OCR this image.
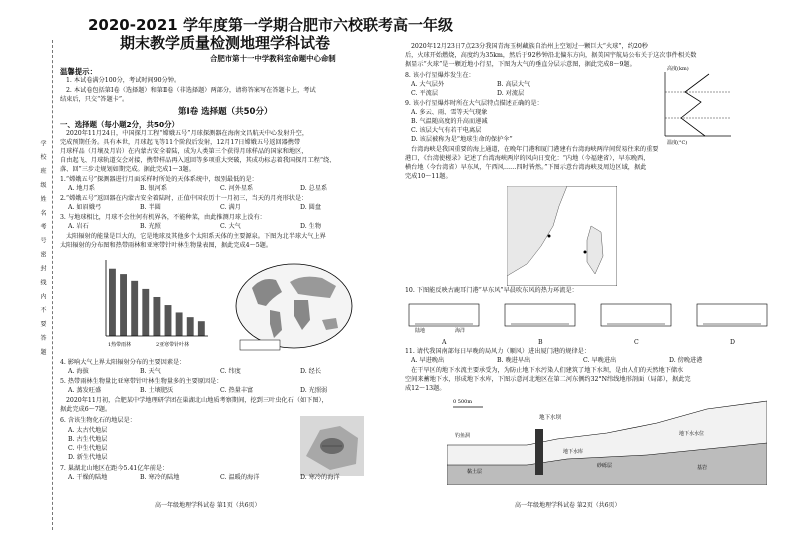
学 校 班 级 姓 名 考 号 密 封 线 内 不 要 答 题
2020-2021 学年度第一学期合肥市六校联考高一年级
期末教学质量检测地理学科试卷
合肥市第十一中学教科室命题中心命制
温馨提示：
1. 本试卷满分100分，考试时间90分钟。
2. 本试卷包括第Ⅰ卷（选择题）和第Ⅱ卷（非选择题）两部分，请将答案写在答题卡上，考试
结束后，只交“答题卡”。
第Ⅰ卷 选择题（共50分）
一、选择题（每小题2分，共50分）
2020年11月24日，中国探月工程“嫦娥五号”月球探测器在海南文昌航天中心发射升空，
完成预期任务。具有本世，月球起飞等11个阶段后发射，12月17日嫦娥五号返回器携带
月球样品（月壤及月岩）在内蒙古安全着陆，成为人类第三个获得月球样品的国家和地区，
自由起飞、月球轨道交会对接，携带样品再入返回等多项重大突破，其成功标志着我国探月工程“绕、
落、回”三步走规划如期完成。据此完成1～3题。
1.“嫦娥五号”探测器进行月面采样时所处的天体系统中，级别最低的是：
A. 地月系	B. 银河系	C. 河外星系	D. 总星系
2.“嫦娥五号”返回器在内蒙古安全着陆时，正值中国农历十一月初三，当天的月亮形状是：
A. 如眉娥弓	B. 半圆	C. 满月	D. 圆盘
3. 与地球相比，月球不会往何有机界各，不能种菜，由此推测月球上没有：
A. 岩石	B. 光照	C. 大气	D. 生物
太阳辐射的能量是巨大的，它是地球及其他多个太阳系天体的主要源泉。下图为北半球大气上界
太阳辐射的分布图和热带雨林和亚寒带针叶林生物量表图，据此完成4～5题。
1热带雨林	2亚寒带针叶林
4. 影响大气上界太阳辐射分布的主要因素是：
A. 海拔	B. 天气	C. 纬度	D. 经长
5. 热带雨林生物量比亚寒带针叶林生物量多的主要原因是：
A. 蒸发旺盛	B. 土壤肥沃	C. 热量丰富	D. 光照弱
2020年11月初，合肥某中学地理研学团在巢湖北山地质考察期间，挖到三叶虫化石（如下图），
据此完成6～7题。
6. 含该生物化石的地层是：
A. 太古代地层
B. 古生代地层
C. 中生代地层
D. 新生代地层
7. 巢湖北山地区在距今5.41亿年前是：
A. 干燥的陆地	B. 寒冷的陆地	C. 温暖的海洋	D. 寒冷的海洋
高一年级地理学科试卷 第1页（共6页）
2020年12月23日7点23分我国青海玉树藏族自治州上空划过一颗巨大“火球”，约20秒
后，火球开始燃烧，高度约为35km，然后于92秒钟沿北偏东方向，据美国宇航局公布关于这次事件相关数
据显示“火球”是一颗近地小行星，下图为大气的垂直分层示意图，据此完成8～9题。
8. 该小行星爆炸发生在：
A. 大气层外	B. 高层大气
C. 平流层	D. 对流层
9. 该小行星爆炸时所在大气层特点描述正确的是：
A. 多云、雨、雪等天气现象
B. 气温随高度的升高而递减
C. 该层大气有若干电离层
D. 该层被称为是“地球生命的保护伞”
高度(km)
温度(°C)
台湾海峡是我国重要的海上通道，在晚年门港和厦门港建有台湾海峡两岸间贸易往来的重要
港口，《台湾使槎录》记述了台湾海峡两岸的风向日变化：“内地（今福建省），早东晚西，
横台地（今台湾省）早东风，午西风……四时皆然。”下图示意台湾海峡及周边区域，据此
完成10～11题。
10. 下图能反映古鹿耳门港“早东风”早晨吹东风的热力环流是：
陆地	海洋
A	B	C	D
11. 请代我国南部每日早晚的局风力（顺风）进出厦门港的规律是：
A. 早进晚出	B. 晚进早出	C. 早晚进出	D. 傍晚进港
在干旱区的地下水流主要承受为，为防止地下水污染人们建筑了地下水坝，是由人们的天然地下储水
空间来蓄地下水，形成地下水库，下图示意河北地区在第二河东侧约32°N纬线地形剖面（局部），据此完
成12～13题。
0 500m
地下水坝
钓鱼洞
黏土层
地下水库
砂砾层
地下水水位
基岩
高一年级地理学科试卷 第2页（共6页）
